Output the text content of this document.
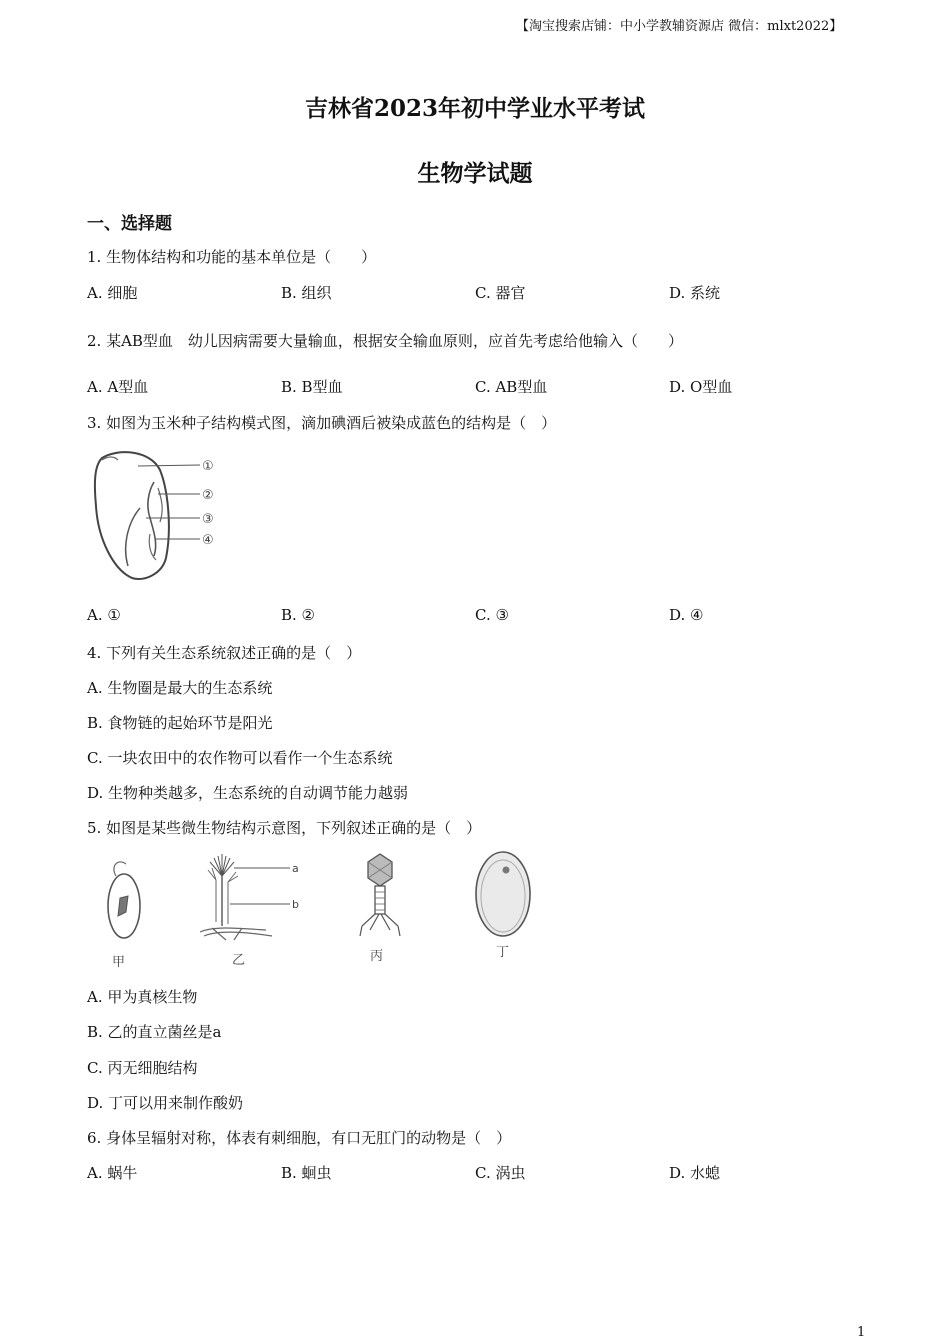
【淘宝搜索店铺：中小学教辅资源店 微信：mlxt2022】
吉林省2023年初中学业水平考试
生物学试题
一、选择题
1. 生物体结构和功能的基本单位是（　　）
A. 细胞	B. 组织	C. 器官	D. 系统
2. 某AB型血　幼儿因病需要大量输血，根据安全输血原则，应首先考虑给他输入（　　）
A. A型血	B. B型血	C. AB型血	D. O型血
3. 如图为玉米种子结构模式图，滴加碘酒后被染成蓝色的结构是（　）
①
②
③
④
A. ①	B. ②	C. ③	D. ④
4. 下列有关生态系统叙述正确的是（　）
A. 生物圈是最大的生态系统
B. 食物链的起始环节是阳光
C. 一块农田中的农作物可以看作一个生态系统
D. 生物种类越多，生态系统的自动调节能力越弱
5. 如图是某些微生物结构示意图，下列叙述正确的是（　）
甲
a
b
乙	丙	丁
A. 甲为真核生物
B. 乙的直立菌丝是a
C. 丙无细胞结构
D. 丁可以用来制作酸奶
6. 身体呈辐射对称，体表有刺细胞，有口无肛门的动物是（　）
A. 蜗牛	B. 蛔虫	C. 涡虫	D. 水螅
1
